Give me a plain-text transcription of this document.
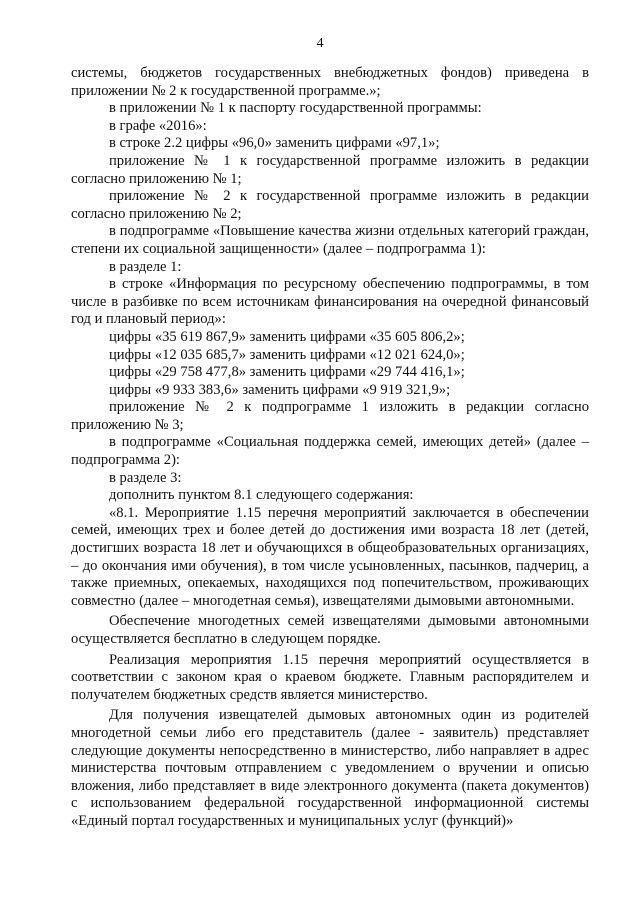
4

системы, бюджетов государственных внебюджетных фондов) приведена в приложении № 2 к государственной программе.»;

в приложении № 1 к паспорту государственной программы:

в графе «2016»:

в строке 2.2 цифры «96,0» заменить цифрами «97,1»;

приложение № 1 к государственной программе изложить в редакции согласно приложению № 1;

приложение № 2 к государственной программе изложить в редакции согласно приложению № 2;

в подпрограмме «Повышение качества жизни отдельных категорий граждан, степени их социальной защищенности» (далее – подпрограмма 1):

в разделе 1:

в строке «Информация по ресурсному обеспечению подпрограммы, в том числе в разбивке по всем источникам финансирования на очередной финансовый год и плановый период»:

цифры «35 619 867,9» заменить цифрами «35 605 806,2»;

цифры «12 035 685,7» заменить цифрами «12 021 624,0»;

цифры «29 758 477,8» заменить цифрами «29 744 416,1»;

цифры «9 933 383,6» заменить цифрами «9 919 321,9»;

приложение № 2 к подпрограмме 1 изложить в редакции согласно приложению № 3;

в подпрограмме «Социальная поддержка семей, имеющих детей» (далее – подпрограмма 2):

в разделе 3:

дополнить пунктом 8.1 следующего содержания:

«8.1. Мероприятие 1.15 перечня мероприятий заключается в обеспечении семей, имеющих трех и более детей до достижения ими возраста 18 лет (детей, достигших возраста 18 лет и обучающихся в общеобразовательных организациях, – до окончания ими обучения), в том числе усыновленных, пасынков, падчериц, а также приемных, опекаемых, находящихся под попечительством, проживающих совместно (далее – многодетная семья), извещателями дымовыми автономными.

Обеспечение многодетных семей извещателями дымовыми автономными осуществляется бесплатно в следующем порядке.

Реализация мероприятия 1.15 перечня мероприятий осуществляется в соответствии с законом края о краевом бюджете. Главным распорядителем и получателем бюджетных средств является министерство.

Для получения извещателей дымовых автономных один из родителей многодетной семьи либо его представитель (далее - заявитель) представляет следующие документы непосредственно в министерство, либо направляет в адрес министерства почтовым отправлением с уведомлением о вручении и описью вложения, либо представляет в виде электронного документа (пакета документов) с использованием федеральной государственной информационной системы «Единый портал государственных и муниципальных услуг (функций)»
